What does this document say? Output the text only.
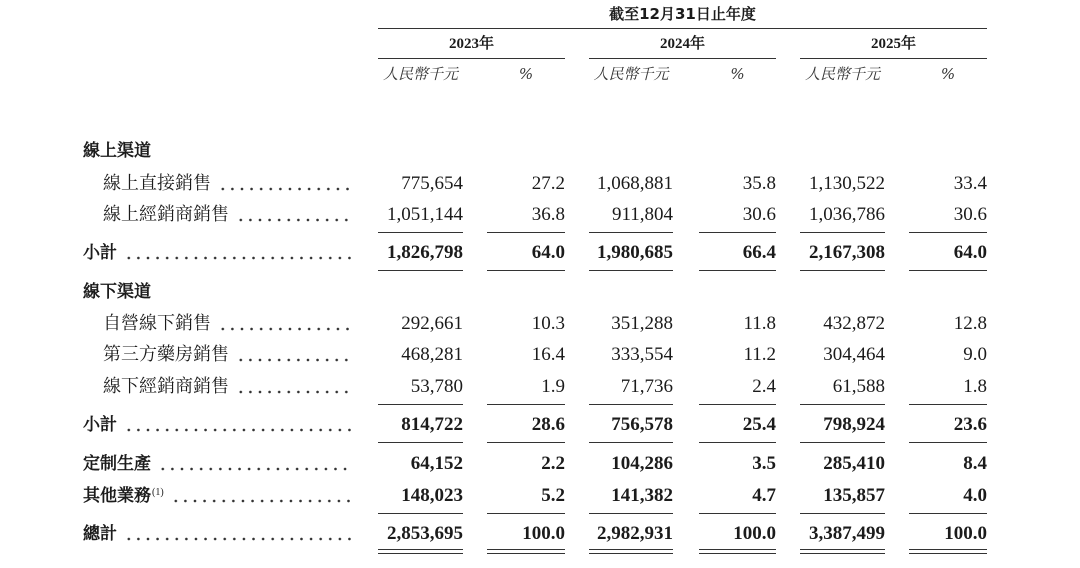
截至12月31日止年度
2023年	2024年	2025年
人民幣千元	%	人民幣千元	%	人民幣千元	%
線上渠道
線上直接銷售	775,654	27.2	1,068,881	35.8	1,130,522	33.4
線上經銷商銷售	1,051,144	36.8	911,804	30.6	1,036,786	30.6
小計	1,826,798	64.0	1,980,685	66.4	2,167,308	64.0
線下渠道
自營線下銷售	292,661	10.3	351,288	11.8	432,872	12.8
第三方藥房銷售	468,281	16.4	333,554	11.2	304,464	9.0
線下經銷商銷售	53,780	1.9	71,736	2.4	61,588	1.8
小計	814,722	28.6	756,578	25.4	798,924	23.6
定制生產	64,152	2.2	104,286	3.5	285,410	8.4
其他業務$^{(1)}$	148,023	5.2	141,382	4.7	135,857	4.0
總計	2,853,695	100.0	2,982,931	100.0	3,387,499	100.0
